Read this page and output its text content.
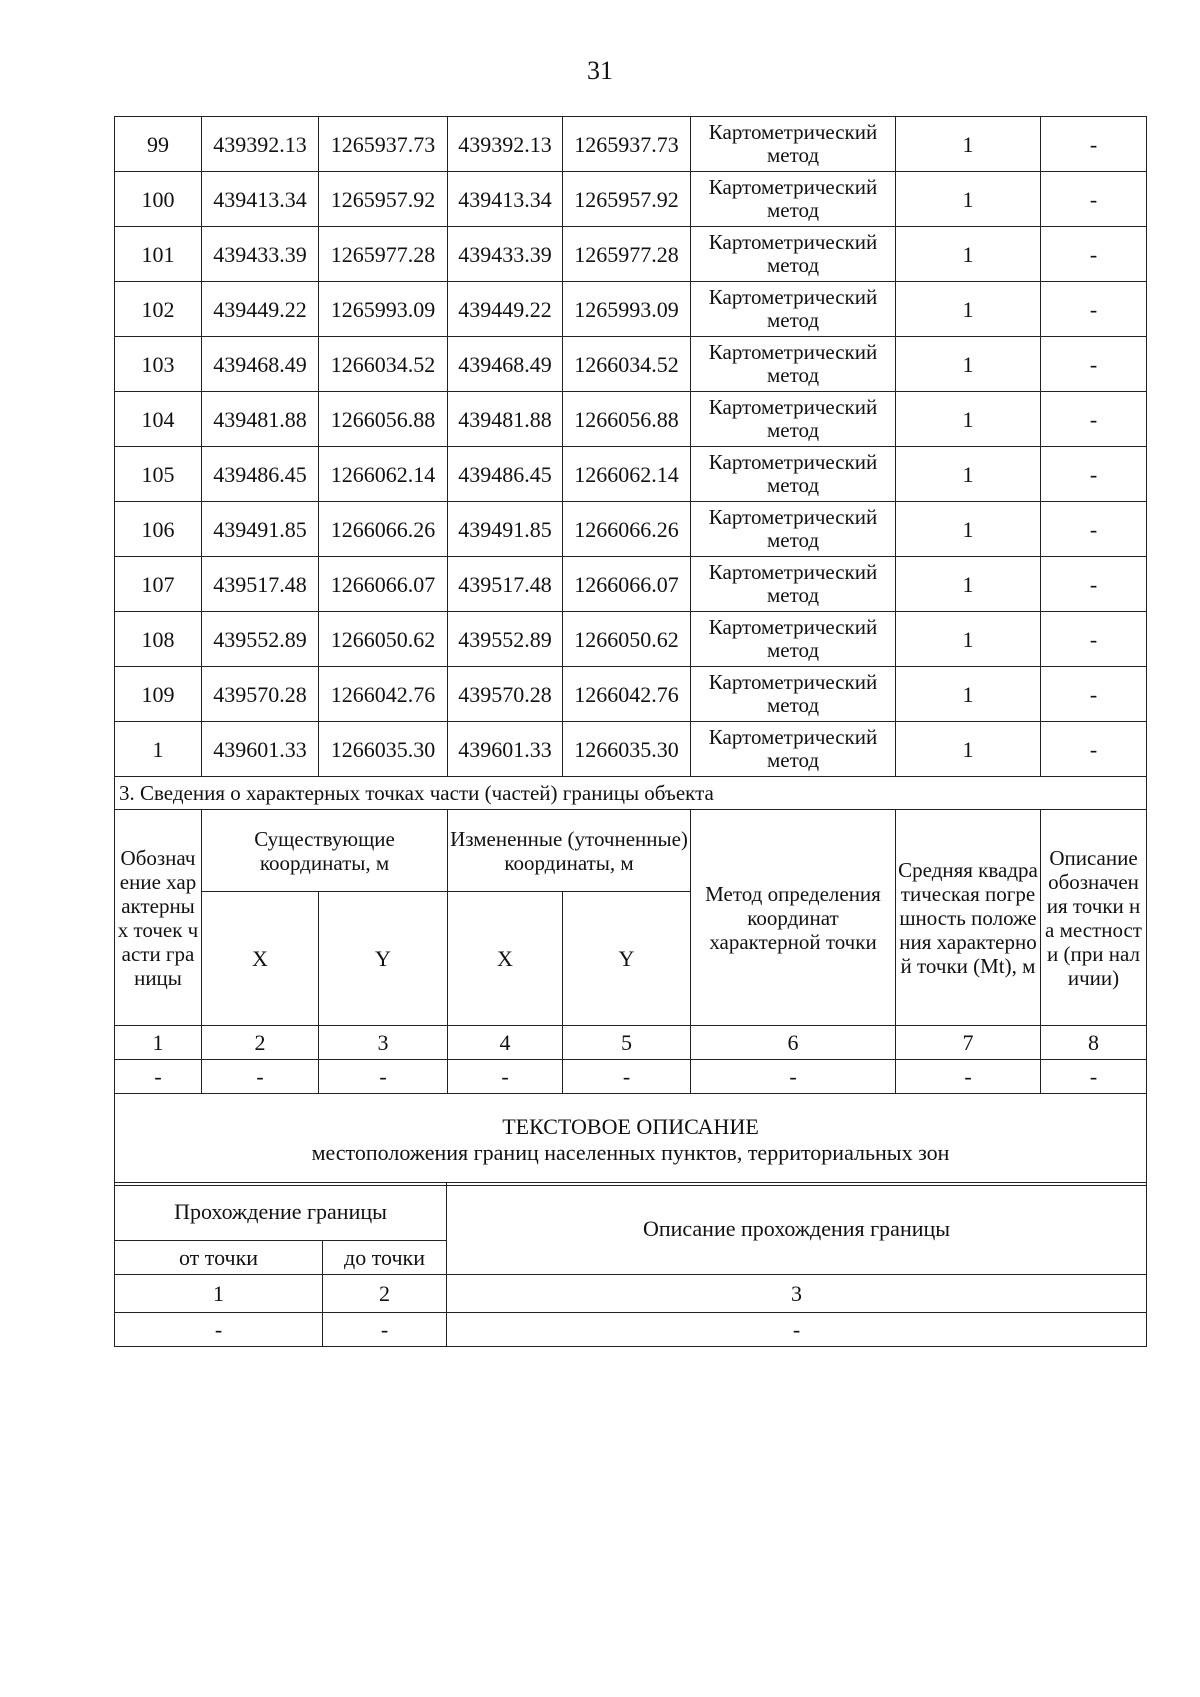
31
99	439392.13	1265937.73	439392.13	1265937.73	Картометрический метод	1	-
100	439413.34	1265957.92	439413.34	1265957.92	Картометрический метод	1	-
101	439433.39	1265977.28	439433.39	1265977.28	Картометрический метод	1	-
102	439449.22	1265993.09	439449.22	1265993.09	Картометрический метод	1	-
103	439468.49	1266034.52	439468.49	1266034.52	Картометрический метод	1	-
104	439481.88	1266056.88	439481.88	1266056.88	Картометрический метод	1	-
105	439486.45	1266062.14	439486.45	1266062.14	Картометрический метод	1	-
106	439491.85	1266066.26	439491.85	1266066.26	Картометрический метод	1	-
107	439517.48	1266066.07	439517.48	1266066.07	Картометрический метод	1	-
108	439552.89	1266050.62	439552.89	1266050.62	Картометрический метод	1	-
109	439570.28	1266042.76	439570.28	1266042.76	Картометрический метод	1	-
1	439601.33	1266035.30	439601.33	1266035.30	Картометрический метод	1	-
3. Сведения о характерных точках части (частей) границы объекта							

Обозначение характерных точек части границы	Существующие координаты, м		Измененные (уточненные) координаты, м		Метод определения координат характерной точки	Средняя квадратическая погрешность положения характерной точки (Mt), м	Описание обозначения точки на местности (при наличии)

	X	Y	X	Y			
1	2	3	4	5	6	7	8
-	-	-	-	-	-	-	-

ТЕКСТОВОЕ ОПИСАНИЕ
местоположения границ населенных пунктов, территориальных зон							
Прохождение границы		Описание прохождения границы
от точки	до точки	
1	2	3
-	-	-
